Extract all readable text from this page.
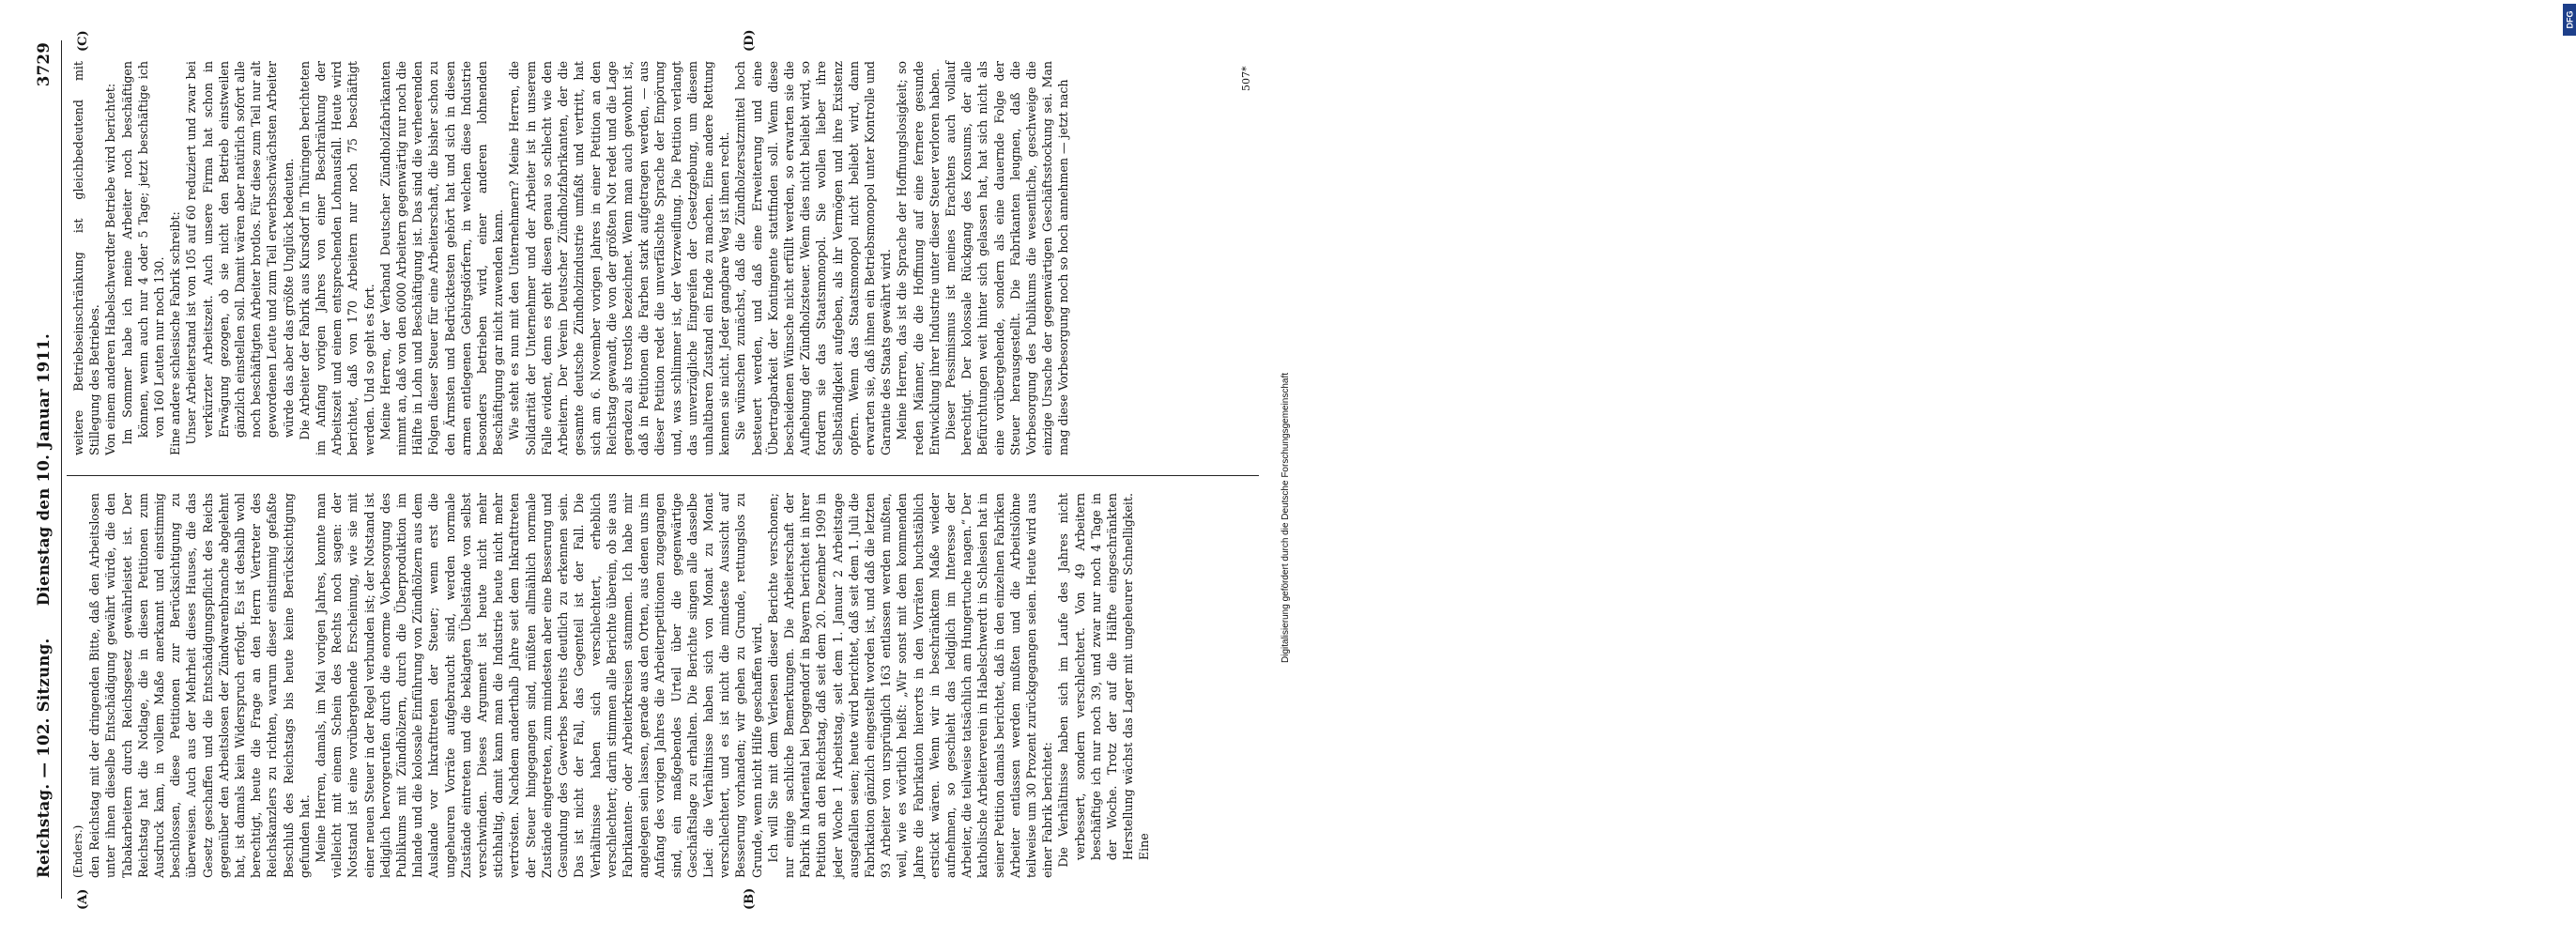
Reichstag. — 102. Sitzung.
Dienstag den 10. Januar 1911.
3729
(A)	(B)
(C)	(D)

(Enders.) den Reichstag mit der dringenden Bitte, daß den Arbeitslosen unter ihnen dieselbe Entschädigung gewährt würde, die den Tabakarbeitern durch Reichsgesetz gewährleistet ist. Der Reichstag hat die Notlage, die in diesen Petitionen zum Ausdruck kam, in vollem Maße anerkannt und einstimmig beschlossen, diese Petitionen zur Berücksichtigung zu überweisen. Auch aus der Mehrheit dieses Hauses, die das Gesetz geschaffen und die Entschädigungspflicht des Reichs gegenüber den Arbeitslosen der Zündwarenbranche abgelehnt hat, ist damals kein Widerspruch erfolgt. Es ist deshalb wohl berechtigt, heute die Frage an den Herrn Vertreter des Reichskanzlers zu richten, warum dieser einstimmig gefaßte Beschluß des Reichstags bis heute keine Berücksichtigung gefunden hat. Meine Herren, damals, im Mai vorigen Jahres, konnte man vielleicht mit einem Schein des Rechts noch sagen: der Notstand ist eine vorübergehende Erscheinung, wie sie mit einer neuen Steuer in der Regel verbunden ist; der Notstand ist lediglich hervorgerufen durch die enorme Vorbesorgung des Publikums mit Zündhölzern, durch die Überproduktion im Inlande und die kolossale Einführung von Zündhölzern aus dem Auslande vor Inkrafttreten der Steuer; wenn erst die ungeheuren Vorräte aufgebraucht sind, werden normale Zustände eintreten und die beklagten Übelstände von selbst verschwinden. Dieses Argument ist heute nicht mehr stichhaltig, damit kann man die Industrie heute nicht mehr vertrösten. Nachdem anderthalb Jahre seit dem Inkrafttreten der Steuer hingegangen sind, müßten allmählich normale Zustände eingetreten, zum mindesten aber eine Besserung und Gesundung des Gewerbes bereits deutlich zu erkennen sein. Das ist nicht der Fall, das Gegenteil ist der Fall. Die Verhältnisse haben sich verschlechtert, erheblich verschlechtert; darin stimmen alle Berichte überein, ob sie aus Fabrikanten- oder Arbeiterkreisen stammen. Ich habe mir angelegen sein lassen, gerade aus den Orten, aus denen uns im Anfang des vorigen Jahres die Arbeiterpetitionen zugegangen sind, ein maßgebendes Urteil über die gegenwärtige Geschäftslage zu erhalten. Die Berichte singen alle dasselbe Lied: die Verhältnisse haben sich von Monat zu Monat verschlechtert, und es ist nicht die mindeste Aussicht auf Besserung vorhanden; wir gehen zu Grunde, rettungslos zu Grunde, wenn nicht Hilfe geschaffen wird. Ich will Sie mit dem Verlesen dieser Berichte verschonen; nur einige sachliche Bemerkungen. Die Arbeiterschaft der Fabrik in Mariental bei Deggendorf in Bayern berichtet in ihrer Petition an den Reichstag, daß seit dem 20. Dezember 1909 in jeder Woche 1 Arbeitstag, seit dem 1. Januar 2 Arbeitstage ausgefallen seien; heute wird berichtet, daß seit dem 1. Juli die Fabrikation gänzlich eingestellt worden ist, und daß die letzten 93 Arbeiter von ursprünglich 163 entlassen werden mußten, weil, wie es wörtlich heißt: „Wir sonst mit dem kommenden Jahre die Fabrikation hierorts in den Vorräten buchstäblich erstickt wären. Wenn wir in beschränktem Maße wieder aufnehmen, so geschieht das lediglich im Interesse der Arbeiter, die teilweise tatsächlich am Hungertuche nagen.“ Der katholische Arbeiterverein in Habelschwerdt in Schlesien hat in seiner Petition damals berichtet, daß in den einzelnen Fabriken Arbeiter entlassen werden mußten und die Arbeitslöhne teilweise um 30 Prozent zurückgegangen seien. Heute wird aus einer Fabrik berichtet: Die Verhältnisse haben sich im Laufe des Jahres nicht verbessert, sondern verschlechtert. Von 49 Arbeitern beschäftige ich nur noch 39, und zwar nur noch 4 Tage in der Woche. Trotz der auf die Hälfte eingeschränkten Herstellung wächst das Lager mit ungeheurer Schnelligkeit. Eine

weitere Betriebseinschränkung ist gleichbedeutend mit Stillegung des Betriebes. Von einem anderen Habelschwerdter Betriebe wird berichtet: Im Sommer habe ich meine Arbeiter noch beschäftigen können, wenn auch nur 4 oder 5 Tage; jetzt beschäftige ich von 160 Leuten nur noch 130. Eine andere schlesische Fabrik schreibt: Unser Arbeiterstand ist von 105 auf 60 reduziert und zwar bei verkürzter Arbeitszeit. Auch unsere Firma hat schon in Erwägung gezogen, ob sie nicht den Betrieb einstweilen gänzlich einstellen soll. Damit wären aber natürlich sofort alle noch beschäftigten Arbeiter brotlos. Für diese zum Teil nur alt gewordenen Leute und zum Teil erwerbsschwächsten Arbeiter würde das aber das größte Unglück bedeuten. Die Arbeiter der Fabrik aus Kursdorf in Thüringen berichteten im Anfang vorigen Jahres von einer Beschränkung der Arbeitszeit und einem entsprechenden Lohnausfall. Heute wird berichtet, daß von 170 Arbeitern nur noch 75 beschäftigt werden. Und so geht es fort. Meine Herren, der Verband Deutscher Zündholzfabrikanten nimmt an, daß von den 6000 Arbeitern gegenwärtig nur noch die Hälfte in Lohn und Beschäftigung ist. Das sind die verheerenden Folgen dieser Steuer für eine Arbeiterschaft, die bisher schon zu den Ärmsten und Bedrücktesten gehört hat und sich in diesen armen entlegenen Gebirgsdörfern, in welchen diese Industrie besonders betrieben wird, einer anderen lohnenden Beschäftigung gar nicht zuwenden kann. Wie steht es nun mit den Unternehmern? Meine Herren, die Solidarität der Unternehmer und der Arbeiter ist in unserem Falle evident, denn es geht diesen genau so schlecht wie den Arbeitern. Der Verein Deutscher Zündholzfabrikanten, der die gesamte deutsche Zündholzindustrie umfaßt und vertritt, hat sich am 6. November vorigen Jahres in einer Petition an den Reichstag gewandt, die von der größten Not redet und die Lage geradezu als trostlos bezeichnet. Wenn man auch gewohnt ist, daß in Petitionen die Farben stark aufgetragen werden, — aus dieser Petition redet die unverfälschte Sprache der Empörung und, was schlimmer ist, der Verzweiflung. Die Petition verlangt das unverzügliche Eingreifen der Gesetzgebung, um diesem unhaltbaren Zustand ein Ende zu machen. Eine andere Rettung kennen sie nicht. Jeder gangbare Weg ist ihnen recht. Sie wünschen zunächst, daß die Zündholzersatzmittel hoch besteuert werden, und daß eine Erweiterung und eine Übertragbarkeit der Kontingente stattfinden soll. Wenn diese bescheidenen Wünsche nicht erfüllt werden, so erwarten sie die Aufhebung der Zündholzsteuer. Wenn dies nicht beliebt wird, so fordern sie das Staatsmonopol. Sie wollen lieber ihre Selbständigkeit aufgeben, als ihr Vermögen und ihre Existenz opfern. Wenn das Staatsmonopol nicht beliebt wird, dann erwarten sie, daß ihnen ein Betriebsmonopol unter Kontrolle und Garantie des Staats gewährt wird. Meine Herren, das ist die Sprache der Hoffnungslosigkeit; so reden Männer, die die Hoffnung auf eine fernere gesunde Entwicklung ihrer Industrie unter dieser Steuer verloren haben. Dieser Pessimismus ist meines Erachtens auch vollauf berechtigt. Der kolossale Rückgang des Konsums, der alle Befürchtungen weit hinter sich gelassen hat, hat sich nicht als eine vorübergehende, sondern als eine dauernde Folge der Steuer herausgestellt. Die Fabrikanten leugnen, daß die Vorbesorgung des Publikums die wesentliche, geschweige die einzige Ursache der gegenwärtigen Geschäftsstockung sei. Man mag diese Vorbesorgung noch so hoch annehmen — jetzt nach

507*
DFG
Digitalisierung gefördert durch die Deutsche Forschungsgemeinschaft
